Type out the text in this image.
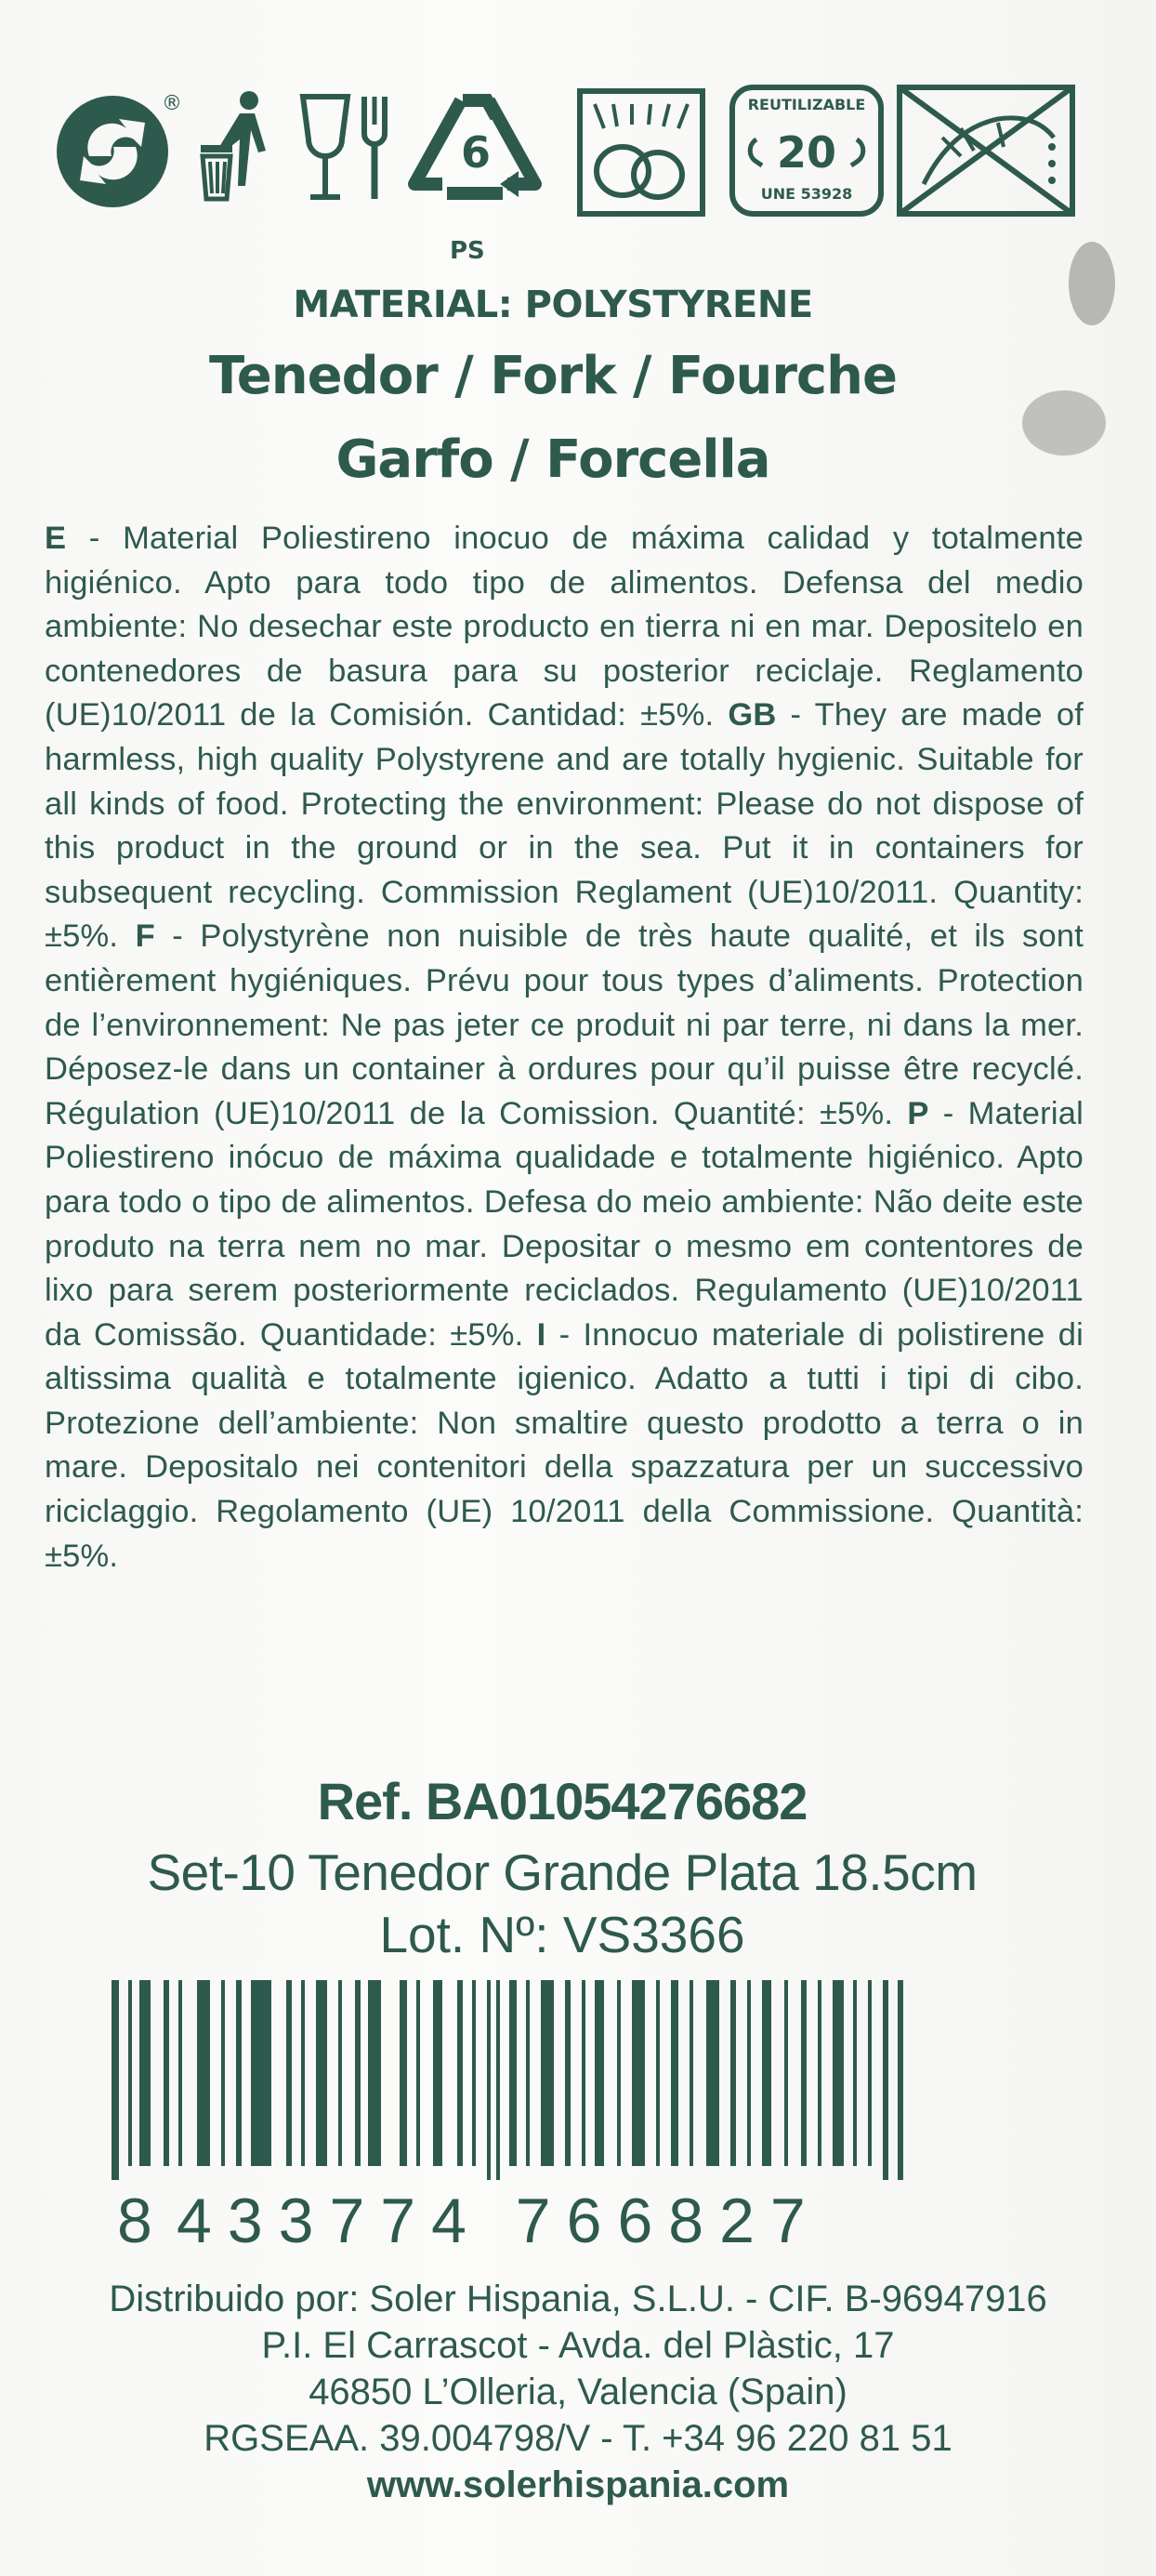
®
6
REUTILIZABLE
20
UNE 53928
PS
MATERIAL: POLYSTYRENE
Tenedor / Fork / Fourche
Garfo / Forcella
E - Material Poliestireno inocuo de máxima calidad y totalmente higiénico. Apto para todo tipo de alimentos. Defensa del medio ambiente: No desechar este producto en tierra ni en mar. Depositelo en contenedores de basura para su posterior reciclaje. Reglamento (UE)10/2011 de la Comisión. Cantidad: ±5%. GB - They are made of harmless, high quality Polystyrene and are totally hygienic. Suitable for all kinds of food. Protecting the environment: Please do not dispose of this product in the ground or in the sea. Put it in containers for subsequent recycling. Commission Reglament (UE)10/2011. Quantity: ±5%. F - Polystyrène non nuisible de très haute qualité, et ils sont entièrement hygiéniques. Prévu pour tous types d’aliments. Protection de l’environnement: Ne pas jeter ce produit ni par terre, ni dans la mer. Déposez-le dans un container à ordures pour qu’il puisse être recyclé. Régulation (UE)10/2011 de la Comission. Quantité: ±5%. P - Material Poliestireno inócuo de máxima qualidade e totalmente higiénico. Apto para todo o tipo de alimentos. Defesa do meio ambiente: Não deite este produto na terra nem no mar. Depositar o mesmo em contentores de lixo para serem posteriormente reciclados. Regulamento (UE)10/2011 da Comissão. Quantidade: ±5%. I - Innocuo materiale di polistirene di altissima qualità e totalmente igienico. Adatto a tutti i tipi di cibo. Protezione dell’ambiente: Non smaltire questo prodotto a terra o in mare. Depositalo nei contenitori della spazzatura per un successivo riciclaggio. Regolamento (UE) 10/2011 della Commissione. Quantità: ±5%.
Ref. BA01054276682
Set-10 Tenedor Grande Plata 18.5cm
Lot. Nº: VS3366
8 433774 766827
Distribuido por: Soler Hispania, S.L.U. - CIF. B-96947916
P.I. El Carrascot - Avda. del Plàstic, 17
46850 L’Olleria, Valencia (Spain)
RGSEAA. 39.004798/V - T. +34 96 220 81 51
www.solerhispania.com
